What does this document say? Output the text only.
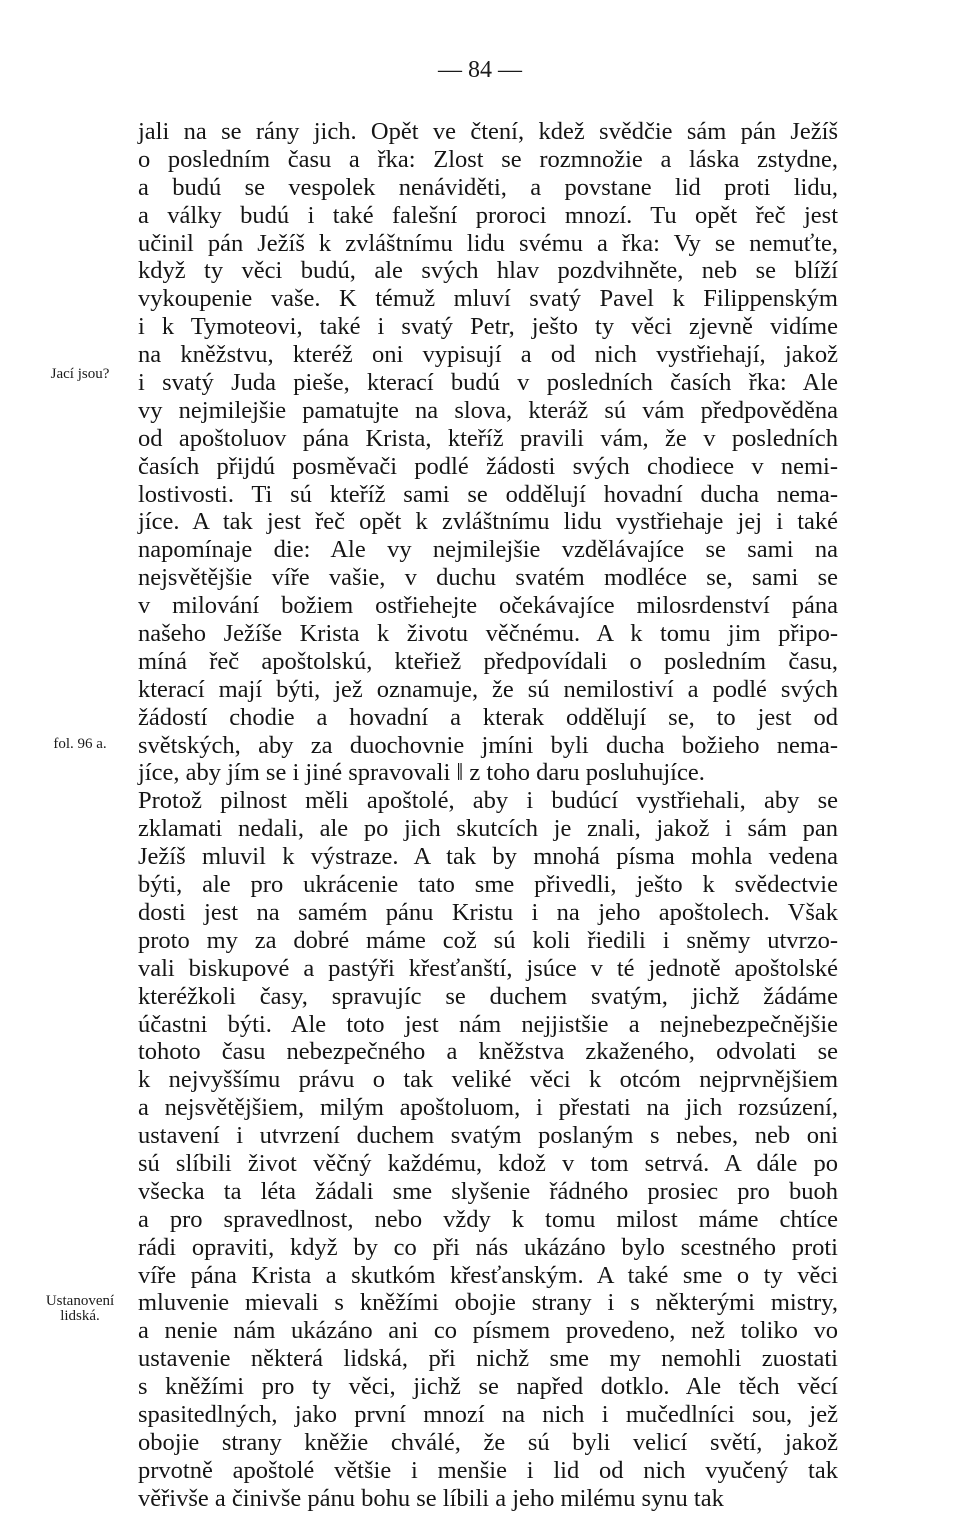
— 84 —
Jací jsou?
fol. 96 a.
Ustanovení
lidská.
jali na se rány jich. Opět ve čtení, kdež svědčie sám pán Ježíš
o posledním času a řka: Zlost se rozmnožie a láska zstydne,
a budú se vespolek nenáviděti, a povstane lid proti lidu,
a války budú i také falešní proroci mnozí. Tu opět řeč jest
učinil pán Ježíš k zvláštnímu lidu svému a řka: Vy se nemuťte,
když ty věci budú, ale svých hlav pozdvihněte, neb se blíží
vykoupenie vaše. K témuž mluví svatý Pavel k Filippenským
i k Tymoteovi, také i svatý Petr, ješto ty věci zjevně vidíme
na kněžstvu, kteréž oni vypisují a od nich vystřiehají, jakož
i svatý Juda pieše, kterací budú v posledních časích řka: Ale
vy nejmilejšie pamatujte na slova, kteráž sú vám předpověděna
od apoštoluov pána Krista, kteříž pravili vám, že v posledních
časích přijdú posměvači podlé žádosti svých chodiece v nemi-
lostivosti. Ti sú kteříž sami se oddělují hovadní ducha nema-
jíce. A tak jest řeč opět k zvláštnímu lidu vystřiehaje jej i také
napomínaje die: Ale vy nejmilejšie vzdělávajíce se sami na
nejsvětějšie víře vašie, v duchu svatém modléce se, sami se
v milování božiem ostřiehejte očekávajíce milosrdenství pána
našeho Ježíše Krista k životu věčnému. A k tomu jim připo-
míná řeč apoštolskú, kteřiež předpovídali o posledním času,
kterací mají býti, jež oznamuje, že sú nemilostiví a podlé svých
žádostí chodie a hovadní a kterak oddělují se, to jest od
světských, aby za duochovnie jmíni byli ducha božieho nema-
jíce, aby jím se i jiné spravovali ‖ z toho daru posluhujíce.
Protož pilnost měli apoštolé, aby i budúcí vystřiehali, aby se
zklamati nedali, ale po jich skutcích je znali, jakož i sám pan
Ježíš mluvil k výstraze. A tak by mnohá písma mohla vedena
býti, ale pro ukrácenie tato sme přivedli, ješto k svědectvie
dosti jest na samém pánu Kristu i na jeho apoštolech. Však
proto my za dobré máme což sú koli řiedili i sněmy utvrzo-
vali biskupové a pastýři křesťanští, jsúce v té jednotě apoštolské
kteréžkoli časy, spravujíc se duchem svatým, jichž žádáme
účastni býti. Ale toto jest nám nejjistšie a nejnebezpečnějšie
tohoto času nebezpečného a kněžstva zkaženého, odvolati se
k nejvyššímu právu o tak veliké věci k otcóm nejprvnějšiem
a nejsvětějšiem, milým apoštoluom, i přestati na jich rozsúzení,
ustavení i utvrzení duchem svatým poslaným s nebes, neb oni
sú slíbili život věčný každému, kdož v tom setrvá. A dále po
všecka ta léta žádali sme slyšenie řádného prosiec pro buoh
a pro spravedlnost, nebo vždy k tomu milost máme chtíce
rádi opraviti, když by co při nás ukázáno bylo scestného proti
víře pána Krista a skutkóm křesťanským. A také sme o ty věci
mluvenie mievali s kněžími obojie strany i s některými mistry,
a nenie nám ukázáno ani co písmem provedeno, než toliko vo
ustavenie některá lidská, při nichž sme my nemohli zuostati
s kněžími pro ty věci, jichž se napřed dotklo. Ale těch věcí
spasitedlných, jako první mnozí na nich i mučedlníci sou, jež
obojie strany kněžie chválé, že sú byli velicí světí, jakož
prvotně apoštolé většie i menšie i lid od nich vyučený tak
věřivše a činivše pánu bohu se líbili a jeho milému synu tak
